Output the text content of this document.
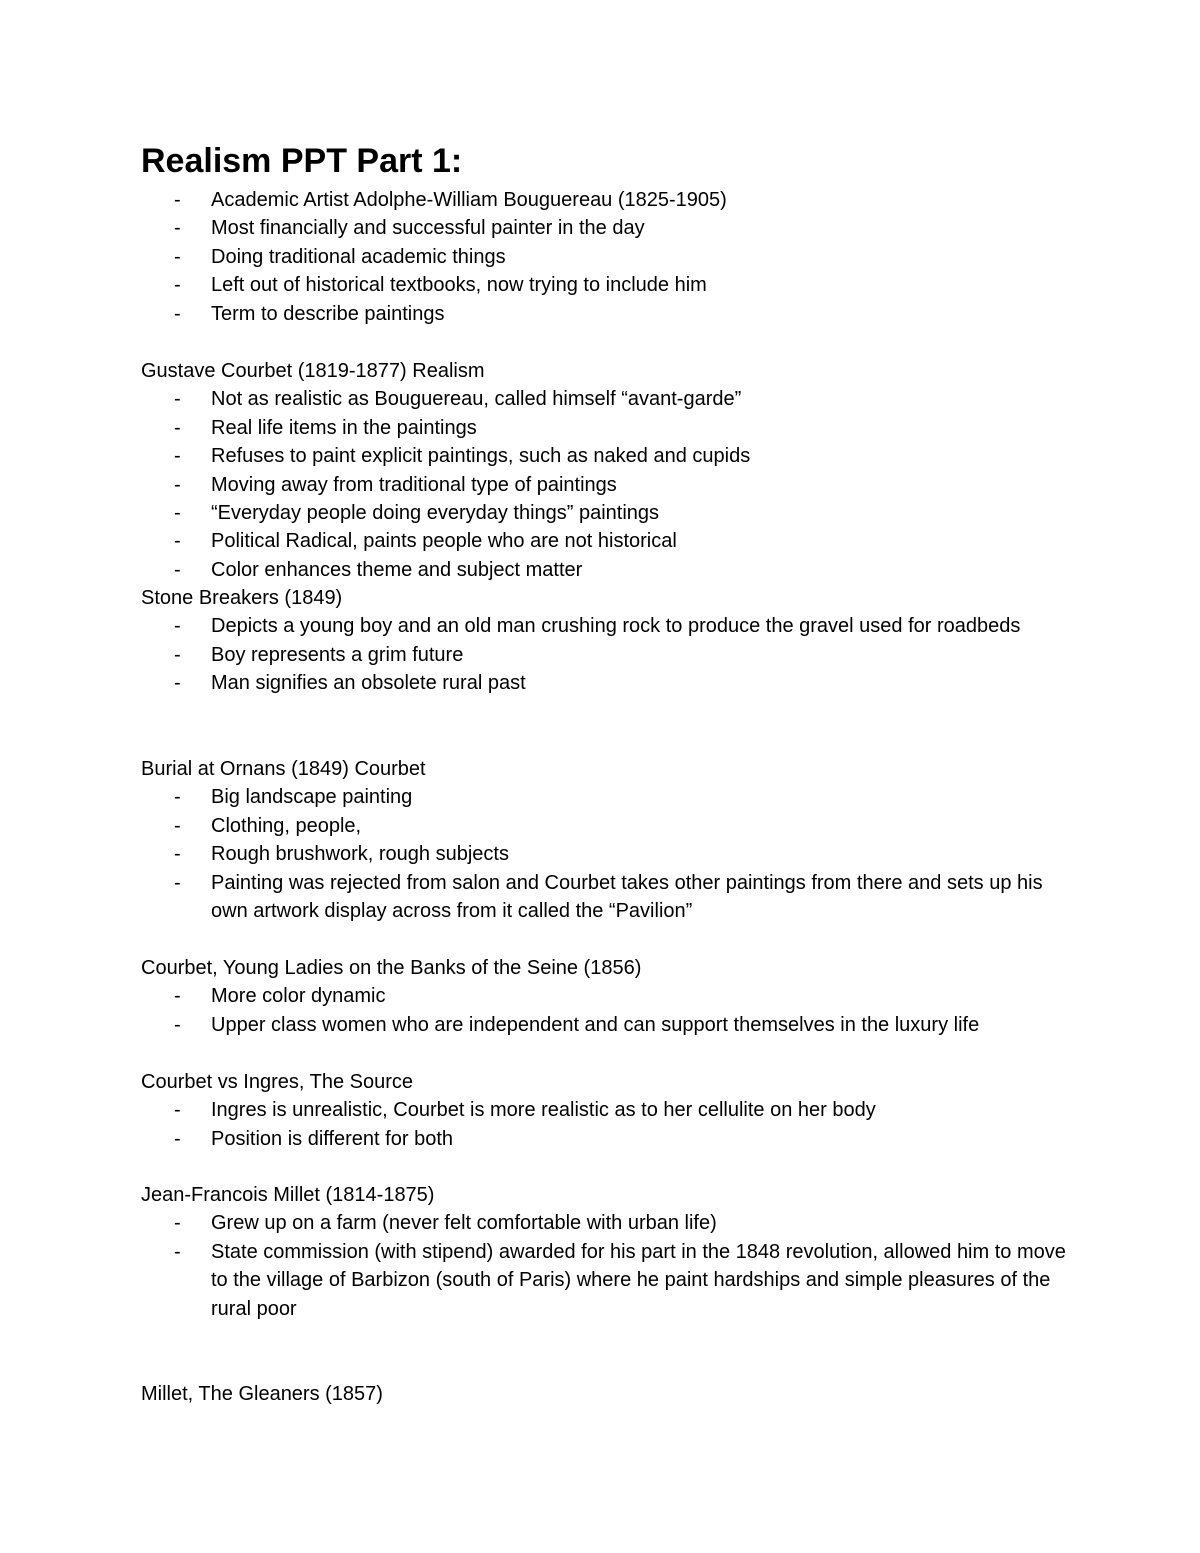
Realism PPT Part 1:
- Academic Artist Adolphe-William Bouguereau (1825-1905)
- Most financially and successful painter in the day
- Doing traditional academic things
- Left out of historical textbooks, now trying to include him
- Term to describe paintings

Gustave Courbet (1819-1877) Realism

- Not as realistic as Bouguereau, called himself “avant-garde”
- Real life items in the paintings
- Refuses to paint explicit paintings, such as naked and cupids
- Moving away from traditional type of paintings
- “Everyday people doing everyday things” paintings
- Political Radical, paints people who are not historical
- Color enhances theme and subject matter

Stone Breakers (1849)

- Depicts a young boy and an old man crushing rock to produce the gravel used for roadbeds
- Boy represents a grim future
- Man signifies an obsolete rural past

Burial at Ornans (1849) Courbet

- Big landscape painting
- Clothing, people,
- Rough brushwork, rough subjects
- Painting was rejected from salon and Courbet takes other paintings from there and sets up his own artwork display across from it called the “Pavilion”

Courbet, Young Ladies on the Banks of the Seine (1856)

- More color dynamic
- Upper class women who are independent and can support themselves in the luxury life

Courbet vs Ingres, The Source

- Ingres is unrealistic, Courbet is more realistic as to her cellulite on her body
- Position is different for both

Jean-Francois Millet (1814-1875)

- Grew up on a farm (never felt comfortable with urban life)
- State commission (with stipend) awarded for his part in the 1848 revolution, allowed him to move to the village of Barbizon (south of Paris) where he paint hardships and simple pleasures of the rural poor

Millet, The Gleaners (1857)
